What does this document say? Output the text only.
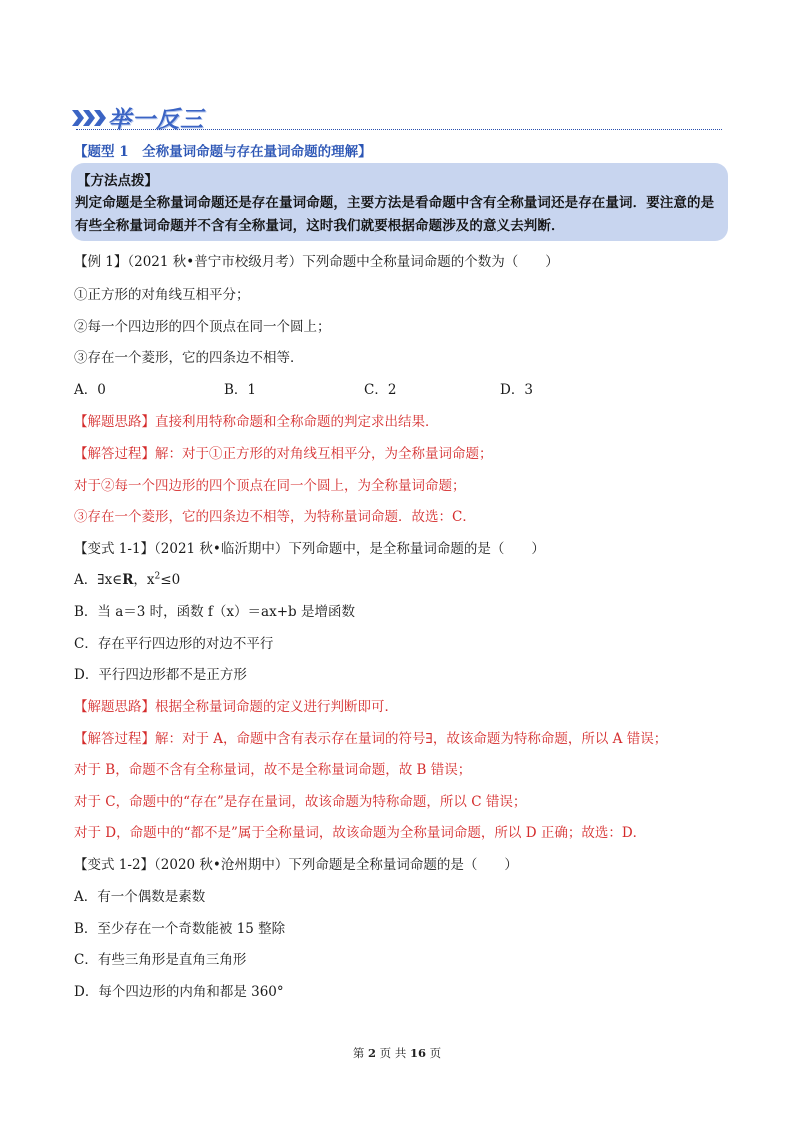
举一反三
【题型 1　全称量词命题与存在量词命题的理解】
【方法点拨】
判定命题是全称量词命题还是存在量词命题，主要方法是看命题中含有全称量词还是存在量词．要注意的是有些全称量词命题并不含有全称量词，这时我们就要根据命题涉及的意义去判断．
【例 1】（2021 秋•普宁市校级月考）下列命题中全称量词命题的个数为（　　）
①正方形的对角线互相平分；
②每一个四边形的四个顶点在同一个圆上；
③存在一个菱形，它的四条边不相等．
A．0	B．1	C．2	D．3
【解题思路】直接利用特称命题和全称命题的判定求出结果．
【解答过程】解：对于①正方形的对角线互相平分，为全称量词命题；
对于②每一个四边形的四个顶点在同一个圆上，为全称量词命题；
③存在一个菱形，它的四条边不相等，为特称量词命题．故选：C．
【变式 1-1】（2021 秋•临沂期中）下列命题中，是全称量词命题的是（　　）
A．∃x∈R，$x^2\le 0$
B．当 a＝3 时，函数 f（x）＝ax+b 是增函数
C．存在平行四边形的对边不平行
D．平行四边形都不是正方形
【解题思路】根据全称量词命题的定义进行判断即可．
【解答过程】解：对于 A，命题中含有表示存在量词的符号∃，故该命题为特称命题，所以 A 错误；
对于 B，命题不含有全称量词，故不是全称量词命题，故 B 错误；
对于 C，命题中的“存在”是存在量词，故该命题为特称命题，所以 C 错误；
对于 D，命题中的“都不是”属于全称量词，故该命题为全称量词命题，所以 D 正确；故选：D．
【变式 1-2】（2020 秋•沧州期中）下列命题是全称量词命题的是（　　）
A．有一个偶数是素数
B．至少存在一个奇数能被 15 整除
C．有些三角形是直角三角形
D．每个四边形的内角和都是 360°
第 2 页 共 16 页
